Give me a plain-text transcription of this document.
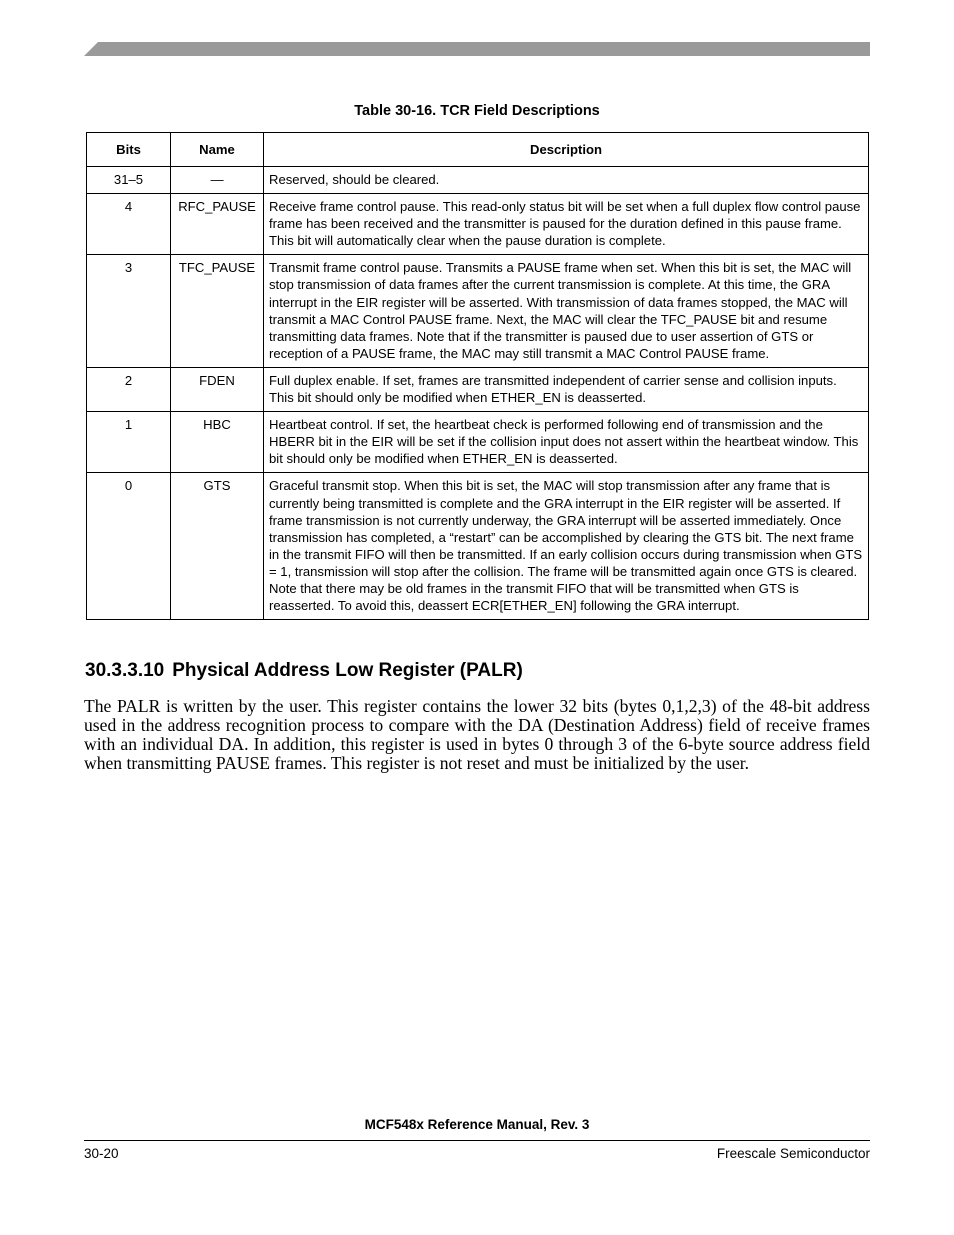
Table 30-16. TCR Field Descriptions
Bits	Name	Description
31–5	—	Reserved, should be cleared.
4	RFC_PAUSE	Receive frame control pause. This read-only status bit will be set when a full duplex flow control pause frame has been received and the transmitter is paused for the duration defined in this pause frame. This bit will automatically clear when the pause duration is complete.
3	TFC_PAUSE	Transmit frame control pause. Transmits a PAUSE frame when set. When this bit is set, the MAC will stop transmission of data frames after the current transmission is complete. At this time, the GRA interrupt in the EIR register will be asserted. With transmission of data frames stopped, the MAC will transmit a MAC Control PAUSE frame. Next, the MAC will clear the TFC_PAUSE bit and resume transmitting data frames. Note that if the transmitter is paused due to user assertion of GTS or reception of a PAUSE frame, the MAC may still transmit a MAC Control PAUSE frame.
2	FDEN	Full duplex enable. If set, frames are transmitted independent of carrier sense and collision inputs. This bit should only be modified when ETHER_EN is deasserted.
1	HBC	Heartbeat control. If set, the heartbeat check is performed following end of transmission and the HBERR bit in the EIR will be set if the collision input does not assert within the heartbeat window. This bit should only be modified when ETHER_EN is deasserted.
0	GTS	Graceful transmit stop. When this bit is set, the MAC will stop transmission after any frame that is currently being transmitted is complete and the GRA interrupt in the EIR register will be asserted. If frame transmission is not currently underway, the GRA interrupt will be asserted immediately. Once transmission has completed, a “restart” can be accomplished by clearing the GTS bit. The next frame in the transmit FIFO will then be transmitted. If an early collision occurs during transmission when GTS = 1, transmission will stop after the collision. The frame will be transmitted again once GTS is cleared. Note that there may be old frames in the transmit FIFO that will be transmitted when GTS is reasserted. To avoid this, deassert ECR[ETHER_EN] following the GRA interrupt.
30.3.3.10 Physical Address Low Register (PALR)

The PALR is written by the user. This register contains the lower 32 bits (bytes 0,1,2,3) of the 48-bit address used in the address recognition process to compare with the DA (Destination Address) field of receive frames with an individual DA. In addition, this register is used in bytes 0 through 3 of the 6-byte source address field when transmitting PAUSE frames. This register is not reset and must be initialized by the user.

MCF548x Reference Manual, Rev. 3
30-20	Freescale Semiconductor
